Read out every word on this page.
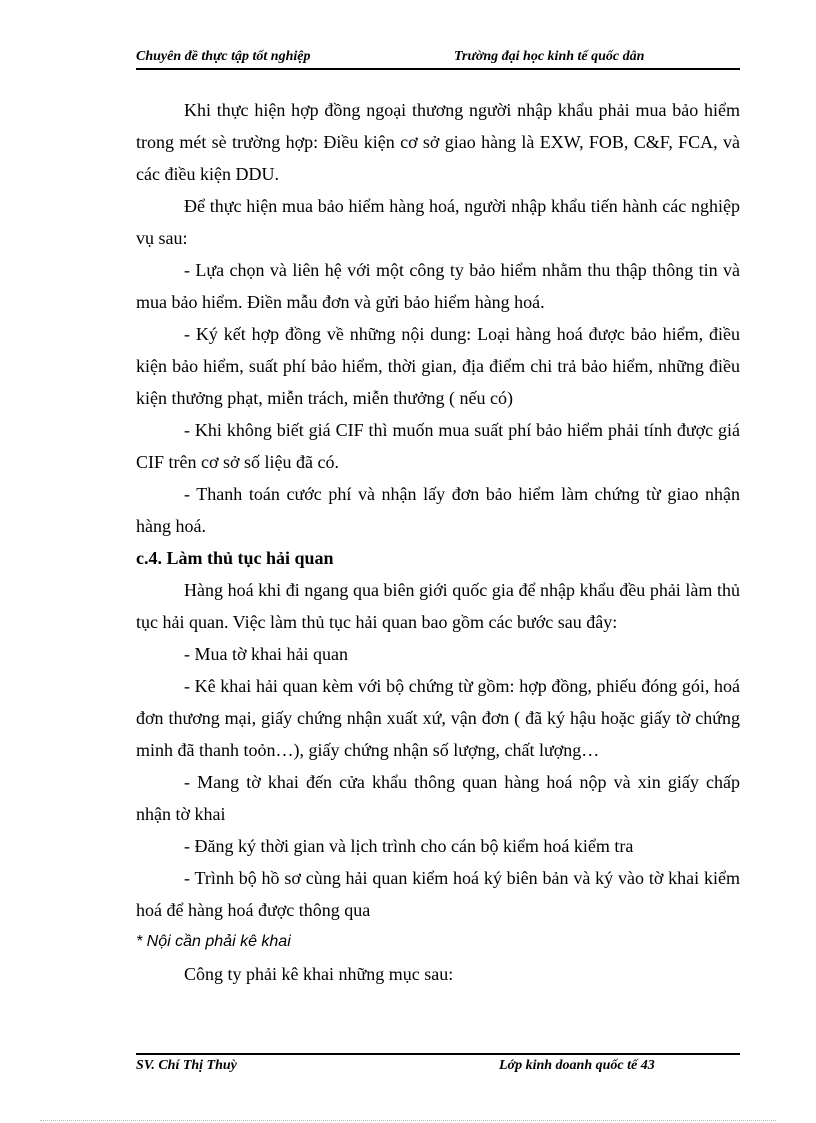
Chuyên đề thực tập tốt nghiệp	Trường đại học kinh tế quốc dân

Khi thực hiện hợp đồng ngoại thương người nhập khẩu phải mua bảo hiểm trong mét sè trường hợp: Điều kiện cơ sở giao hàng là EXW, FOB, C&F, FCA, và các điều kiện DDU.

Để thực hiện mua bảo hiểm hàng hoá, người nhập khẩu tiến hành các nghiệp vụ sau:

- Lựa chọn và liên hệ với một công ty bảo hiểm nhằm thu thập thông tin và mua bảo hiểm. Điền mẫu đơn và gửi bảo hiểm hàng hoá.

- Ký kết hợp đồng về những nội dung: Loại hàng hoá được bảo hiểm, điều kiện bảo hiểm, suất phí bảo hiểm, thời gian, địa điểm chi trả bảo hiểm, những điều kiện thưởng phạt, miễn trách, miễn thưởng ( nếu có)

- Khi không biết giá CIF thì muốn mua suất phí bảo hiểm phải tính được giá CIF trên cơ sở số liệu đã có.

- Thanh toán cước phí và nhận lấy đơn bảo hiểm làm chứng từ giao nhận hàng hoá.

c.4. Làm thủ tục hải quan

Hàng hoá khi đi ngang qua biên giới quốc gia để nhập khẩu đều phải làm thủ tục hải quan. Việc làm thủ tục hải quan bao gồm các bước sau đây:

- Mua tờ khai hải quan

- Kê khai hải quan kèm với bộ chứng từ gồm: hợp đồng, phiếu đóng gói, hoá đơn thương mại, giấy chứng nhận xuất xứ, vận đơn ( đã ký hậu hoặc giấy tờ chứng minh đã thanh toỏn…), giấy chứng nhận số lượng, chất lượng…

- Mang tờ khai đến cửa khẩu thông quan hàng hoá nộp và xin giấy chấp nhận tờ khai

- Đăng ký thời gian và lịch trình cho cán bộ kiểm hoá kiểm tra

- Trình bộ hồ sơ cùng hải quan kiểm hoá ký biên bản và ký vào tờ khai kiểm hoá để hàng hoá được thông qua

* Nội cần phải kê khai

Công ty phải kê khai những mục sau:

SV. Chí Thị Thuỳ	Lớp kinh doanh quốc tế 43
